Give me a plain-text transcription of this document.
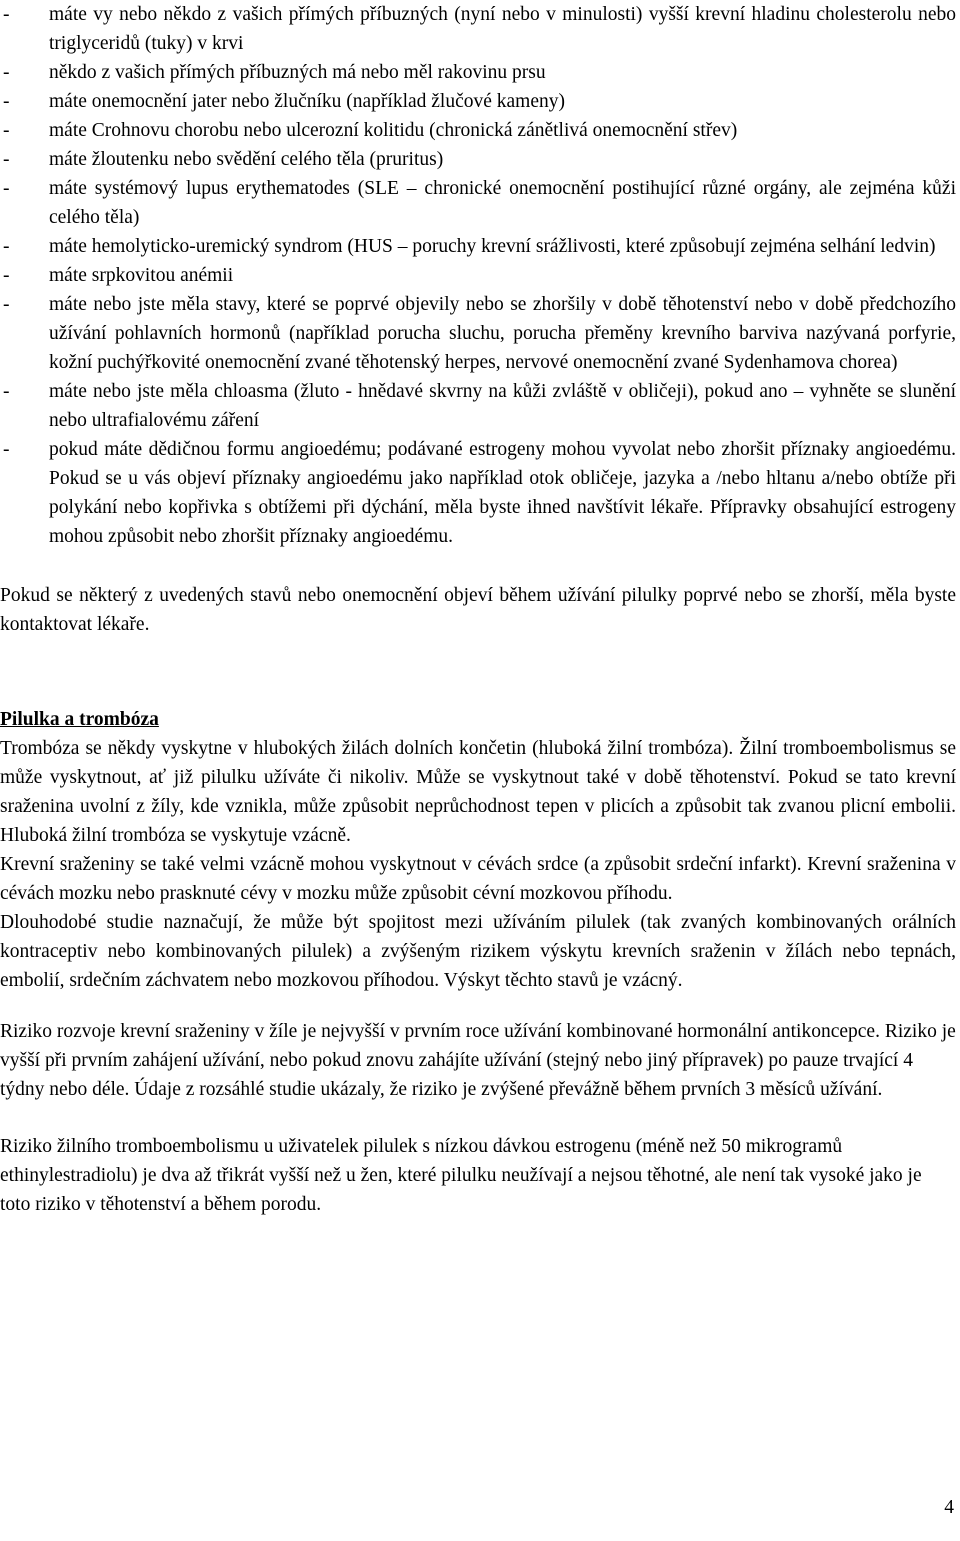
- máte vy nebo někdo z vašich přímých příbuzných (nyní nebo v minulosti) vyšší krevní hladinu cholesterolu nebo triglyceridů (tuky) v krvi
- někdo z vašich přímých příbuzných má nebo měl rakovinu prsu
- máte onemocnění jater nebo žlučníku (například žlučové kameny)
- máte Crohnovu chorobu nebo ulcerozní kolitidu (chronická zánětlivá onemocnění střev)
- máte žloutenku nebo svědění celého těla (pruritus)
- máte systémový lupus erythematodes (SLE – chronické onemocnění postihující různé orgány, ale zejména kůži celého těla)
- máte hemolyticko-uremický syndrom (HUS – poruchy krevní srážlivosti, které způsobují zejména selhání ledvin)
- máte srpkovitou anémii
- máte nebo jste měla stavy, které se poprvé objevily nebo se zhoršily v době těhotenství nebo v době předchozího užívání pohlavních hormonů (například porucha sluchu, porucha přeměny krevního barviva nazývaná porfyrie, kožní puchýřkovité onemocnění zvané těhotenský herpes, nervové onemocnění zvané Sydenhamova chorea)
- máte nebo jste měla chloasma (žluto - hnědavé skvrny na kůži zvláště v obličeji), pokud ano – vyhněte se slunění nebo ultrafialovému záření
- pokud máte dědičnou formu angioedému; podávané estrogeny mohou vyvolat nebo zhoršit příznaky angioedému. Pokud se u vás objeví příznaky angioedému jako například otok obličeje, jazyka a /nebo hltanu a/nebo obtíže při polykání nebo kopřivka s obtížemi při dýchání, měla byste ihned navštívit lékaře. Přípravky obsahující estrogeny mohou způsobit nebo zhoršit příznaky angioedému.

Pokud se některý z uvedených stavů nebo onemocnění objeví během užívání pilulky poprvé nebo se zhorší, měla byste kontaktovat lékaře.

Pilulka a trombóza

Trombóza se někdy vyskytne v hlubokých žilách dolních končetin (hluboká žilní trombóza). Žilní tromboembolismus se může vyskytnout, ať již pilulku užíváte či nikoliv. Může se vyskytnout také v době těhotenství. Pokud se tato krevní sraženina uvolní z žíly, kde vznikla, může způsobit neprůchodnost tepen v plicích a způsobit tak zvanou plicní embolii. Hluboká žilní trombóza se vyskytuje vzácně.

Krevní sraženiny se také velmi vzácně mohou vyskytnout v cévách srdce (a způsobit srdeční infarkt). Krevní sraženina v cévách mozku nebo prasknuté cévy v mozku může způsobit cévní mozkovou příhodu.

Dlouhodobé studie naznačují, že může být spojitost mezi užíváním pilulek (tak zvaných kombinovaných orálních kontraceptiv nebo kombinovaných pilulek) a zvýšeným rizikem výskytu krevních sraženin v žílách nebo tepnách, embolií, srdečním záchvatem nebo mozkovou příhodou. Výskyt těchto stavů je vzácný.

Riziko rozvoje krevní sraženiny v žíle je nejvyšší v prvním roce užívání kombinované hormonální antikoncepce. Riziko je vyšší při prvním zahájení užívání, nebo pokud znovu zahájíte užívání (stejný nebo jiný přípravek) po pauze trvající 4 týdny nebo déle. Údaje z rozsáhlé studie ukázaly, že riziko je zvýšené převážně během prvních 3 měsíců užívání.

Riziko žilního tromboembolismu u uživatelek pilulek s nízkou dávkou estrogenu (méně než 50 mikrogramů ethinylestradiolu) je dva až třikrát vyšší než u žen, které pilulku neužívají a nejsou těhotné, ale není tak vysoké jako je toto riziko v těhotenství a během porodu.

4
